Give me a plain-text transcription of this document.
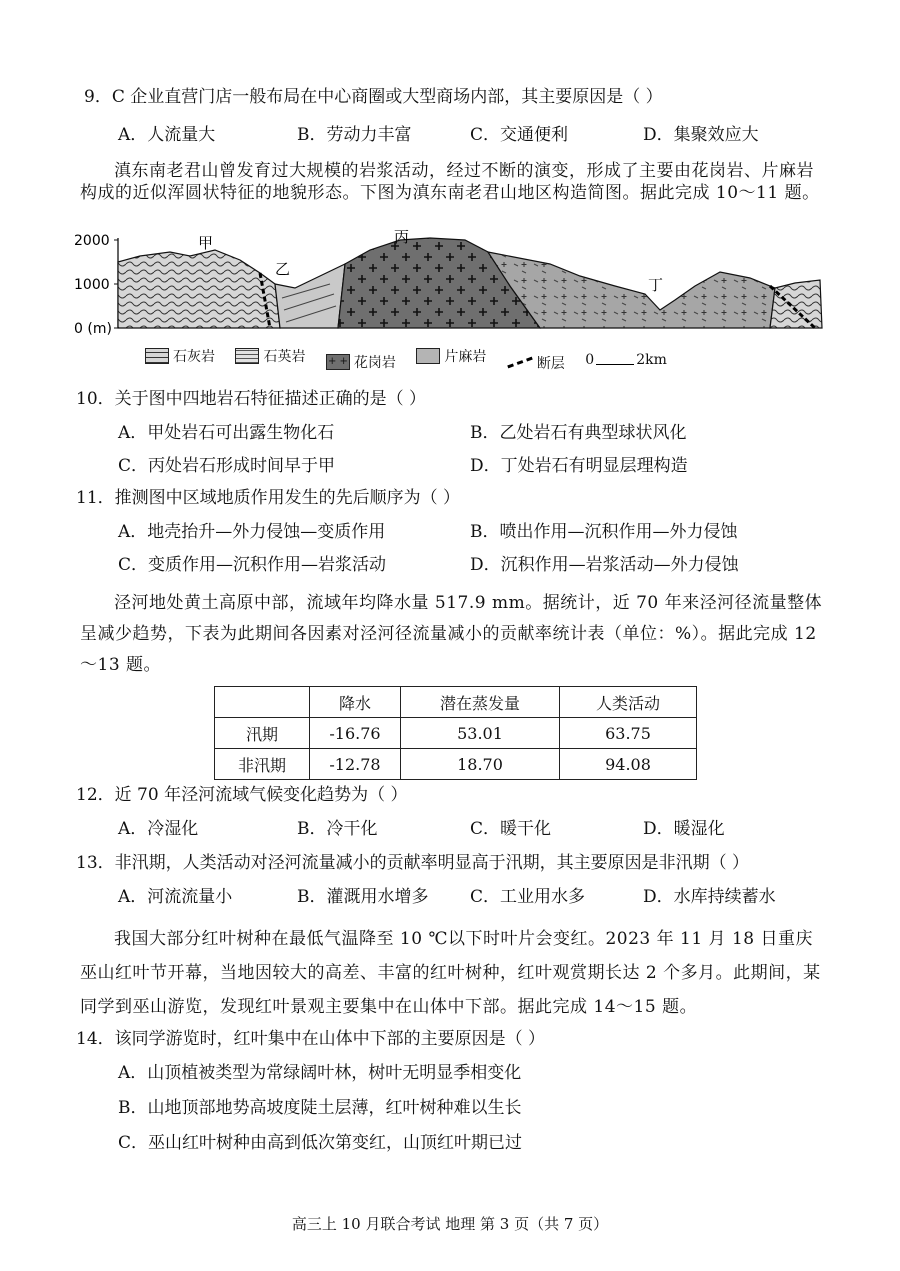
9．C 企业直营门店一般布局在中心商圈或大型商场内部，其主要原因是（ ）
A．人流量大	B．劳动力丰富	C．交通便利	D．集聚效应大
滇东南老君山曾发育过大规模的岩浆活动，经过不断的演变，形成了主要由花岗岩、片麻岩构成的近似浑圆状特征的地貌形态。下图为滇东南老君山地区构造简图。据此完成 10～11 题。
2000
1000
0 (m)
甲
乙
丙
丁
石灰岩
	石英岩
+ + 花岗岩
	片麻岩
	断层
0	2km
10．关于图中四地岩石特征描述正确的是（ ）
A．甲处岩石可出露生物化石	B．乙处岩石有典型球状风化
C．丙处岩石形成时间早于甲	D．丁处岩石有明显层理构造
11．推测图中区域地质作用发生的先后顺序为（ ）
A．地壳抬升—外力侵蚀—变质作用	B．喷出作用—沉积作用—外力侵蚀
C．变质作用—沉积作用—岩浆活动	D．沉积作用—岩浆活动—外力侵蚀
泾河地处黄土高原中部，流域年均降水量 517.9 mm。据统计，近 70 年来泾河径流量整体呈减少趋势，下表为此期间各因素对泾河径流量减小的贡献率统计表（单位：%）。据此完成 12～13 题。
	降水	潜在蒸发量	人类活动
汛期	-16.76	53.01	63.75
非汛期	-12.78	18.70	94.08
12．近 70 年泾河流域气候变化趋势为（ ）
A．冷湿化	B．冷干化	C．暖干化	D．暖湿化
13．非汛期，人类活动对泾河流量减小的贡献率明显高于汛期，其主要原因是非汛期（ ）
A．河流流量小	B．灌溉用水增多 C．工业用水多	D．水库持续蓄水
我国大部分红叶树种在最低气温降至 10 ℃以下时叶片会变红。2023 年 11 月 18 日重庆巫山红叶节开幕，当地因较大的高差、丰富的红叶树种，红叶观赏期长达 2 个多月。此期间，某同学到巫山游览，发现红叶景观主要集中在山体中下部。据此完成 14～15 题。
14．该同学游览时，红叶集中在山体中下部的主要原因是（ ）
A．山顶植被类型为常绿阔叶林，树叶无明显季相变化
B．山地顶部地势高坡度陡土层薄，红叶树种难以生长
C．巫山红叶树种由高到低次第变红，山顶红叶期已过
高三上 10 月联合考试 地理 第 3 页（共 7 页）
